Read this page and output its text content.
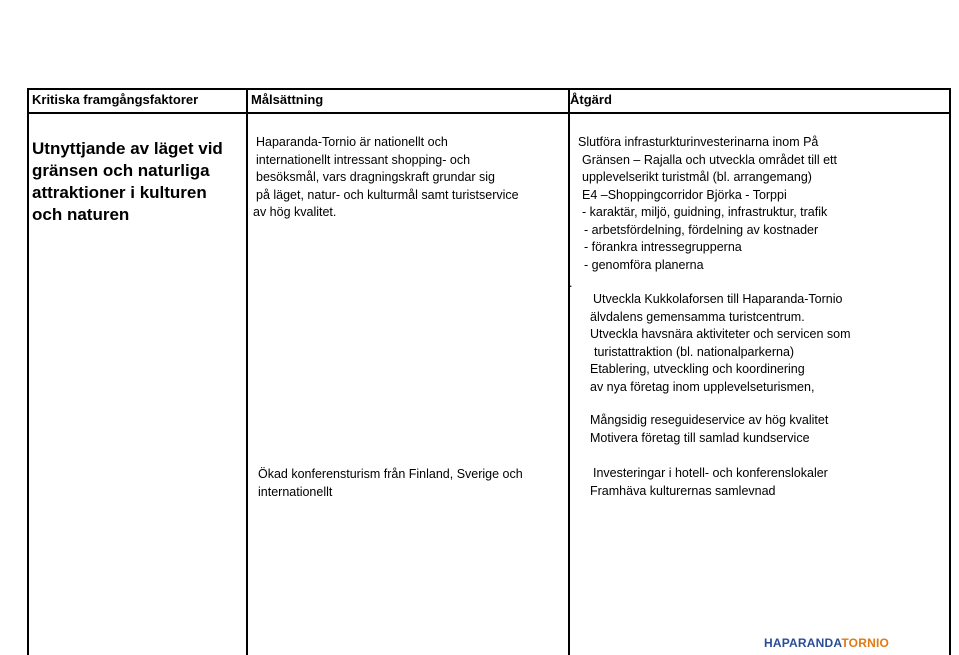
Kritiska framgångsfaktorer	Målsättning	Åtgärd
Utnyttjande av läget vid
gränsen och naturliga
attraktioner i kulturen
och naturen
Haparanda-Tornio är nationellt och
internationellt intressant shopping- och
besöksmål, vars dragningskraft grundar sig
på läget, natur- och kulturmål samt turistservice
av hög kvalitet.
Ökad konferensturism från Finland, Sverige och
internationellt
Slutföra infrasturkturinvesterinarna inom På
Gränsen – Rajalla och utveckla området till ett
upplevelserikt turistmål (bl. arrangemang)
E4 –Shoppingcorridor Björka - Torppi
- karaktär, miljö, guidning, infrastruktur, trafik
- arbetsfördelning, fördelning av kostnader
- förankra intressegrupperna
- genomföra planerna
.
Utveckla Kukkolaforsen till Haparanda-Tornio
älvdalens gemensamma turistcentrum.
Utveckla havsnära aktiviteter och servicen som
turistattraktion (bl. nationalparkerna)
Etablering, utveckling och koordinering
av nya företag inom upplevelseturismen,
Mångsidig reseguideservice av hög kvalitet
Motivera företag till samlad kundservice
Investeringar i hotell- och konferenslokaler
Framhäva kulturernas samlevnad
HAPARANDATORNIO
